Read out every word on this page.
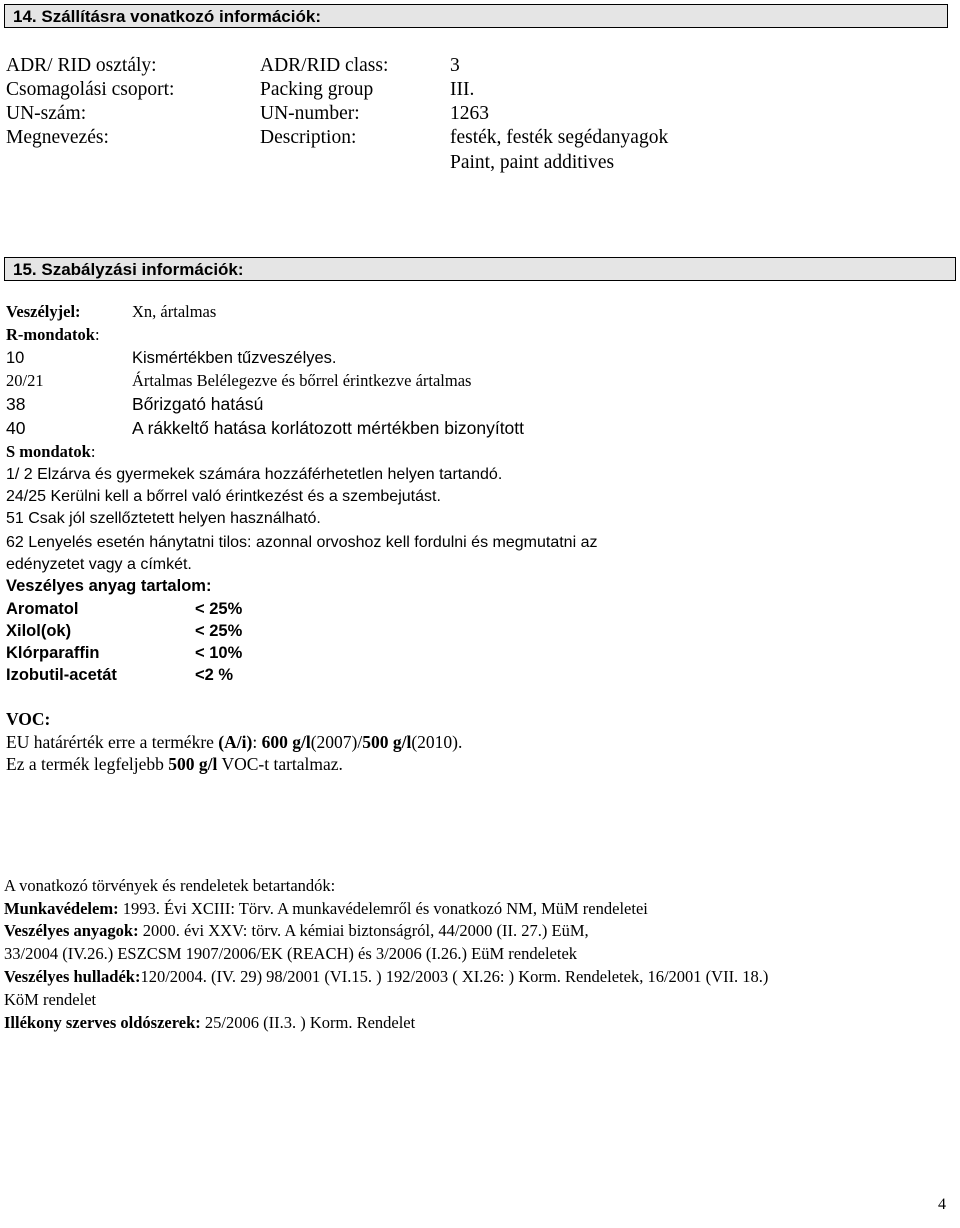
14. Szállításra vonatkozó információk:
ADR/ RID osztály:	ADR/RID class:	3
Csomagolási csoport:	Packing group	III.
UN-szám:	UN-number:	1263
Megnevezés:	Description:	festék, festék segédanyagok
Paint, paint additives
15. Szabályzási információk:
Veszélyjel:	Xn, ártalmas
R-mondatok:
10	Kismértékben tűzveszélyes.
20/21	Ártalmas Belélegezve és bőrrel érintkezve ártalmas
38	Bőrizgató hatású
40	A rákkeltő hatása korlátozott mértékben bizonyított
S mondatok:
1/ 2 Elzárva és gyermekek számára hozzáférhetetlen helyen tartandó.
24/25 Kerülni kell a bőrrel való érintkezést és a szembejutást.
51 Csak jól szellőztetett helyen használható.
62 Lenyelés esetén hánytatni tilos: azonnal orvoshoz kell fordulni és megmutatni az
edényzetet vagy a címkét.
Veszélyes anyag tartalom:
Aromatol	< 25%
Xilol(ok)	< 25%
Klórparaffin	< 10%
Izobutil-acetát	<2 %
VOC:
EU határérték erre a termékre (A/i): 600 g/l(2007)/500 g/l(2010).
Ez a termék legfeljebb 500 g/l VOC-t tartalmaz.
A vonatkozó törvények és rendeletek betartandók:
Munkavédelem: 1993. Évi XCIII: Törv. A munkavédelemről és vonatkozó NM, MüM rendeletei
Veszélyes anyagok: 2000. évi XXV: törv. A kémiai biztonságról, 44/2000 (II. 27.) EüM,
33/2004 (IV.26.) ESZCSM 1907/2006/EK (REACH) és 3/2006 (I.26.) EüM rendeletek
Veszélyes hulladék:120/2004. (IV. 29) 98/2001 (VI.15. ) 192/2003 ( XI.26: ) Korm. Rendeletek, 16/2001 (VII. 18.)
KöM rendelet
Illékony szerves oldószerek: 25/2006 (II.3. ) Korm. Rendelet
4
